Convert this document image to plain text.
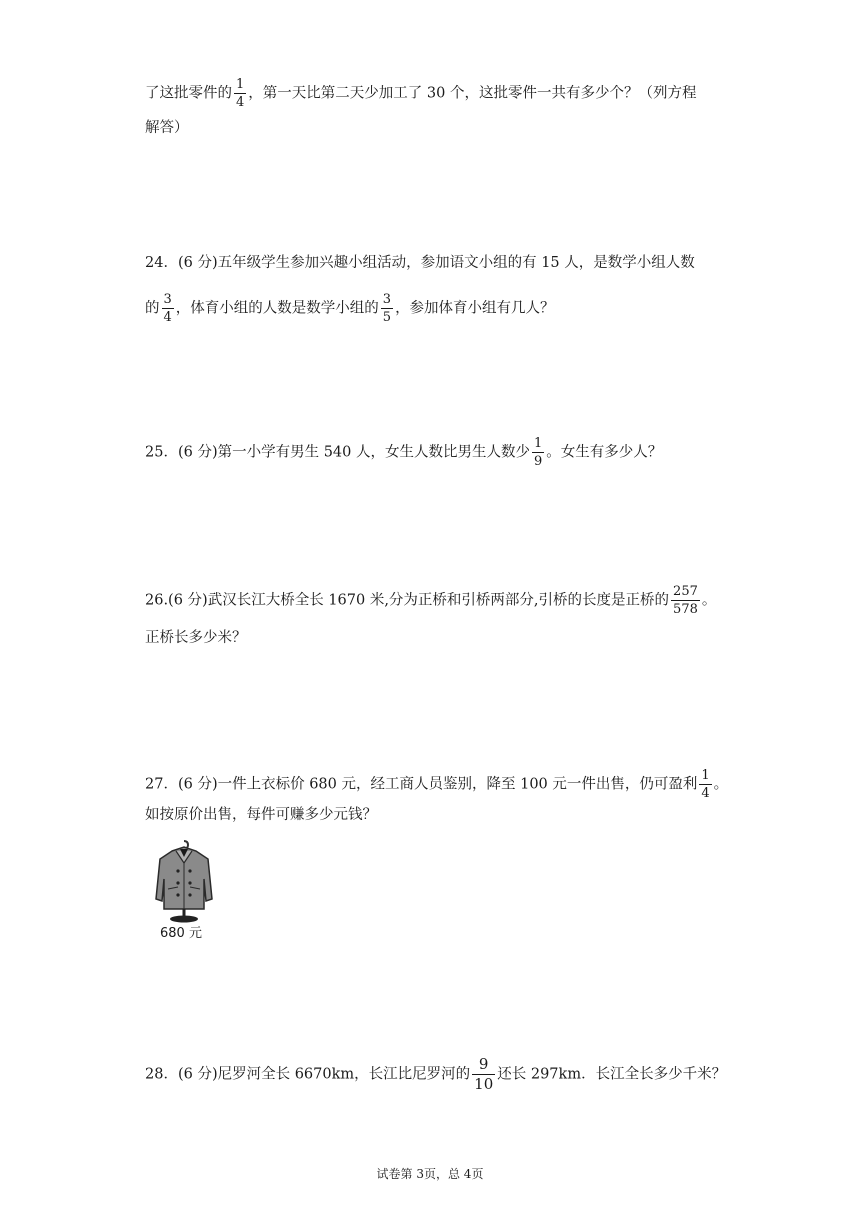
了这批零件的 $\frac{1}{4}$ ，第一天比第二天少加工了 30 个，这批零件一共有多少个？（列方程
解答）
24．(6 分)五年级学生参加兴趣小组活动，参加语文小组的有 15 人，是数学小组人数
的 $\frac{3}{4}$ ，体育小组的人数是数学小组的 $\frac{3}{5}$ ，参加体育小组有几人？
25．(6 分)第一小学有男生 540 人，女生人数比男生人数少 $\frac{1}{9}$ 。女生有多少人？
26.(6 分)武汉长江大桥全长 1670 米,分为正桥和引桥两部分,引桥的长度是正桥的 $\frac{257}{578}$ 。
正桥长多少米？
27．(6 分)一件上衣标价 680 元，经工商人员鉴别，降至 100 元一件出售，仍可盈利 $\frac{1}{4}$ 。
如按原价出售，每件可赚多少元钱？
680 元
28．(6 分)尼罗河全长 6670km，长江比尼罗河的 $\frac{9}{10}$ 还长 297km．长江全长多少千米？
试卷第 3页，总 4页
